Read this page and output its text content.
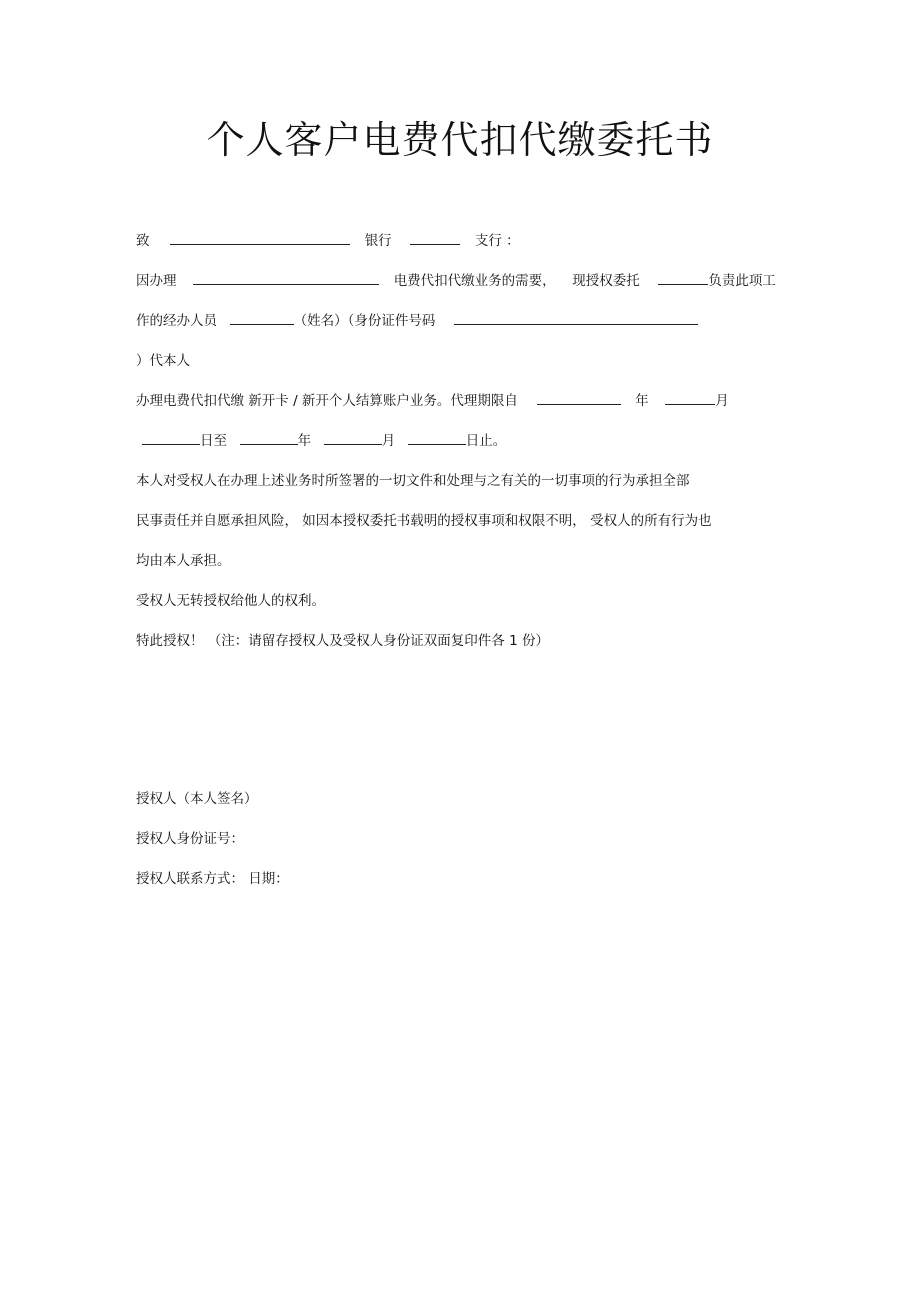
个人客户电费代扣代缴委托书
致	银行	支行 ：
因办理	电费代扣代缴业务的需要， 现授权委托	负责此项工
作的经办人员	（姓名）（身份证件号码
）代本人
办理电费代扣代缴 新开卡 / 新开个人结算账户业务。代理期限自	年	月
日至	年	月	日止。
本人对受权人在办理上述业务时所签署的一切文件和处理与之有关的一切事项的行为承担全部
民事责任并自愿承担风险， 如因本授权委托书载明的授权事项和权限不明， 受权人的所有行为也
均由本人承担。
受权人无转授权给他人的权利。
特此授权！ （注：请留存授权人及受权人身份证双面复印件各 1 份）
授权人（本人签名）
授权人身份证号：
授权人联系方式： 日期：
